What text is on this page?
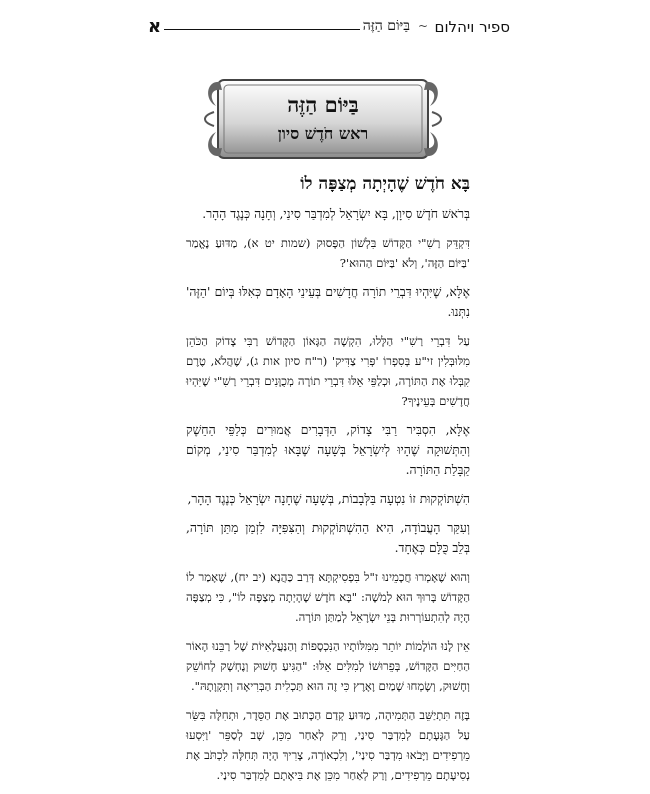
ספיר ויהלום
~
בַּיּוֹם הַזֶּה
א
בַּיּוֹם הַזֶּה
ראש חֹדֶשׁ סיון
בָּא חֹדֶשׁ שֶׁהָיְתָה מְצַפָּה לוֹ

בְּרֹאשׁ חֹדֶשׁ סִיוָן, בָּא יִשְׂרָאֵל לְמִדְבַּר סִינַי, וְחָנָה כְּנֶגֶד הָהָר.

דִּקְדֵּק רַשִׁ"י הַקָּדוֹשׁ בִּלְשׁוֹן הַפָּסוּק (שמות יט א), מַדּוּעַ נֶאֱמַר 'בַּיּוֹם הַזֶּה', וְלֹא 'בַּיּוֹם הַהוּא'?

אֶלָּא, שֶׁיִּהְיוּ דִּבְרֵי תוֹרָה חֲדָשִׁים בְּעֵינֵי הָאָדָם כְּאִלּוּ בְּיוֹם 'הַזֶּה' נִתְּנוּ.

עַל דִּבְרֵי רַשִׁ"י הַלָּלוּ, הִקְשָׁה הַגָּאוֹן הַקָּדוֹשׁ רַבִּי צָדוֹק הַכֹּהֵן מִלּוּבְּלִין זי"ע בְּסִפְרוֹ 'פְּרִי צַדִּיק' (ר"ח סיון אות ג), שֶׁהֲלֹא, טֶרֶם קִבְּלוּ אֶת הַתּוֹרָה, וּכְלַפֵּי אֵלּוּ דִּבְרֵי תוֹרָה מְכֻוָּנִים דִּבְרֵי רַשִׁ"י שֶׁיִּהְיוּ חֲדָשִׁים בְּעֵינֶיךָ?

אֶלָּא, הִסְבִּיר רַבִּי צָדוֹק, הַדְּבָרִים אֲמוּרִים כְּלַפֵּי הַחֵשֶׁק וְהַתְּשׁוּקָה שֶׁהָיוּ לְיִשְׂרָאֵל בְּשָׁעָה שֶׁבָּאוּ לְמִדְבַּר סִינַי, מְקוֹם קַבָּלַת הַתּוֹרָה.

הִשְׁתּוֹקְקוּת זוֹ נִטְעָה בַּלְּבָבוֹת, בְּשָׁעָה שֶׁחָנָה יִשְׂרָאֵל כְּנֶגֶד הָהָר,

וְעִקַּר הָעֲבוֹדָה, הִיא הַהִשְׁתּוֹקְקוּת וְהַצִּפִּיָּה לִזְמַן מַתַּן תּוֹרָה, בְּלֵב כֻּלָּם כְּאֶחָד.

וְהוּא שֶׁאָמְרוּ חֲכָמֵינוּ ז"ל בִּפְסִיקְתָּא דְּרַב כַּהֲנָא (יב יח), שֶׁאָמַר לוֹ הַקָּדוֹשׁ בָּרוּךְ הוּא לְמֹשֶׁה: "בָּא חֹדֶשׁ שֶׁהָיְתָה מְצַפָּה לוֹ", כִּי מְצַפֶּה הָיָה לְהִתְעוֹרְרוּת בְּנֵי יִשְׂרָאֵל לְמַתַּן תּוֹרָה.

אֵין לָנוּ הוֹלָמוֹת יוֹתֵר מִמִּלּוֹתָיו הַנִּכְסָפוֹת וְהַנַּעֲלָאִיּוֹת שֶׁל רַבֵּנוּ הָאוֹר הַחַיִּים הַקָּדוֹשׁ, בְּפֵרוּשׁוֹ לְמִלִּים אֵלּוּ: "הַגִּיעַ חָשׁוּק וְנֶחְשָׁק לְחוֹשֵׁק וְחָשׁוּק, וְשָׂמְחוּ שָׁמַיִם וָאָרֶץ כִּי זֶה הוּא תַּכְלִית הַבְּרִיאָה וְתִקְוָתָהּ".

בָּזֶה תִּתְיַשֵּׁב הַתְּמִיהָה, מַדּוּעַ קְדַם הַכָּתוּב אֶת הַסֵּדֶר, וּתְחִלָּה בִּשֵּׂר עַל הַגָּעָתָם לְמִדְבַּר סִינַי, וְרַק לְאַחַר מִכֵּן, שָׁב לְסַפֵּר 'וַיִּסְעוּ מֵרְפִידִים וַיָּבֹאוּ מִדְבַּר סִינַי', וְלִכְאוֹרָה, צָרִיךְ הָיָה תְּחִלָּה לִכְתֹּב אֶת נְסִיעָתָם מֵרְפִידִים, וְרַק לְאַחַר מִכֵּן אֶת בִּיאָתָם לְמִדְבַּר סִינַי.
